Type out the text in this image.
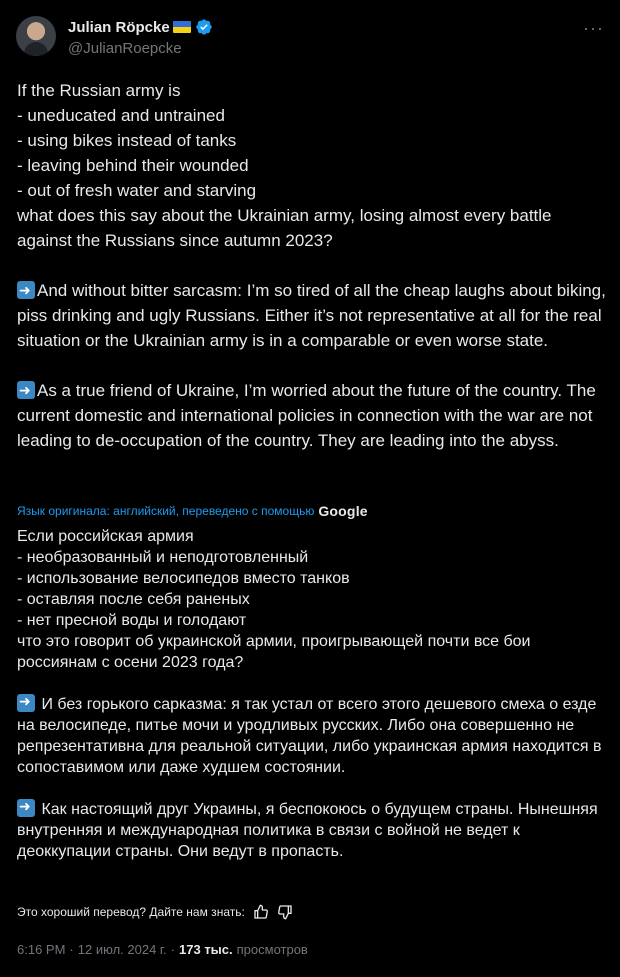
Julian Röpcke
@JulianRoepcke
···
If the Russian army is
- uneducated and untrained
- using bikes instead of tanks
- leaving behind their wounded
- out of fresh water and starving
what does this say about the Ukrainian army, losing almost every battle against the Russians since autumn 2023?

➜And without bitter sarcasm: I’m so tired of all the cheap laughs about biking, piss drinking and ugly Russians. Either it’s not representative at all for the real situation or the Ukrainian army is in a comparable or even worse state.

➜As a true friend of Ukraine, I’m worried about the future of the country. The current domestic and international policies in connection with the war are not leading to de-occupation of the country. They are leading into the abyss.
Язык оригинала: английский, переведено с помощью Google
Если российская армия
- необразованный и неподготовленный
- использование велосипедов вместо танков
- оставляя после себя раненых
- нет пресной воды и голодают
что это говорит об украинской армии, проигрывающей почти все бои россиянам с осени 2023 года?

➜ И без горького сарказма: я так устал от всего этого дешевого смеха о езде на велосипеде, питье мочи и уродливых русских. Либо она совершенно не репрезентативна для реальной ситуации, либо украинская армия находится в сопоставимом или даже худшем состоянии.

➜ Как настоящий друг Украины, я беспокоюсь о будущем страны. Нынешняя внутренняя и международная политика в связи с войной не ведет к деоккупации страны. Они ведут в пропасть.
Это хороший перевод? Дайте нам знать:
6:16 PM · 12 июл. 2024 г. · 173 тыс. просмотров
